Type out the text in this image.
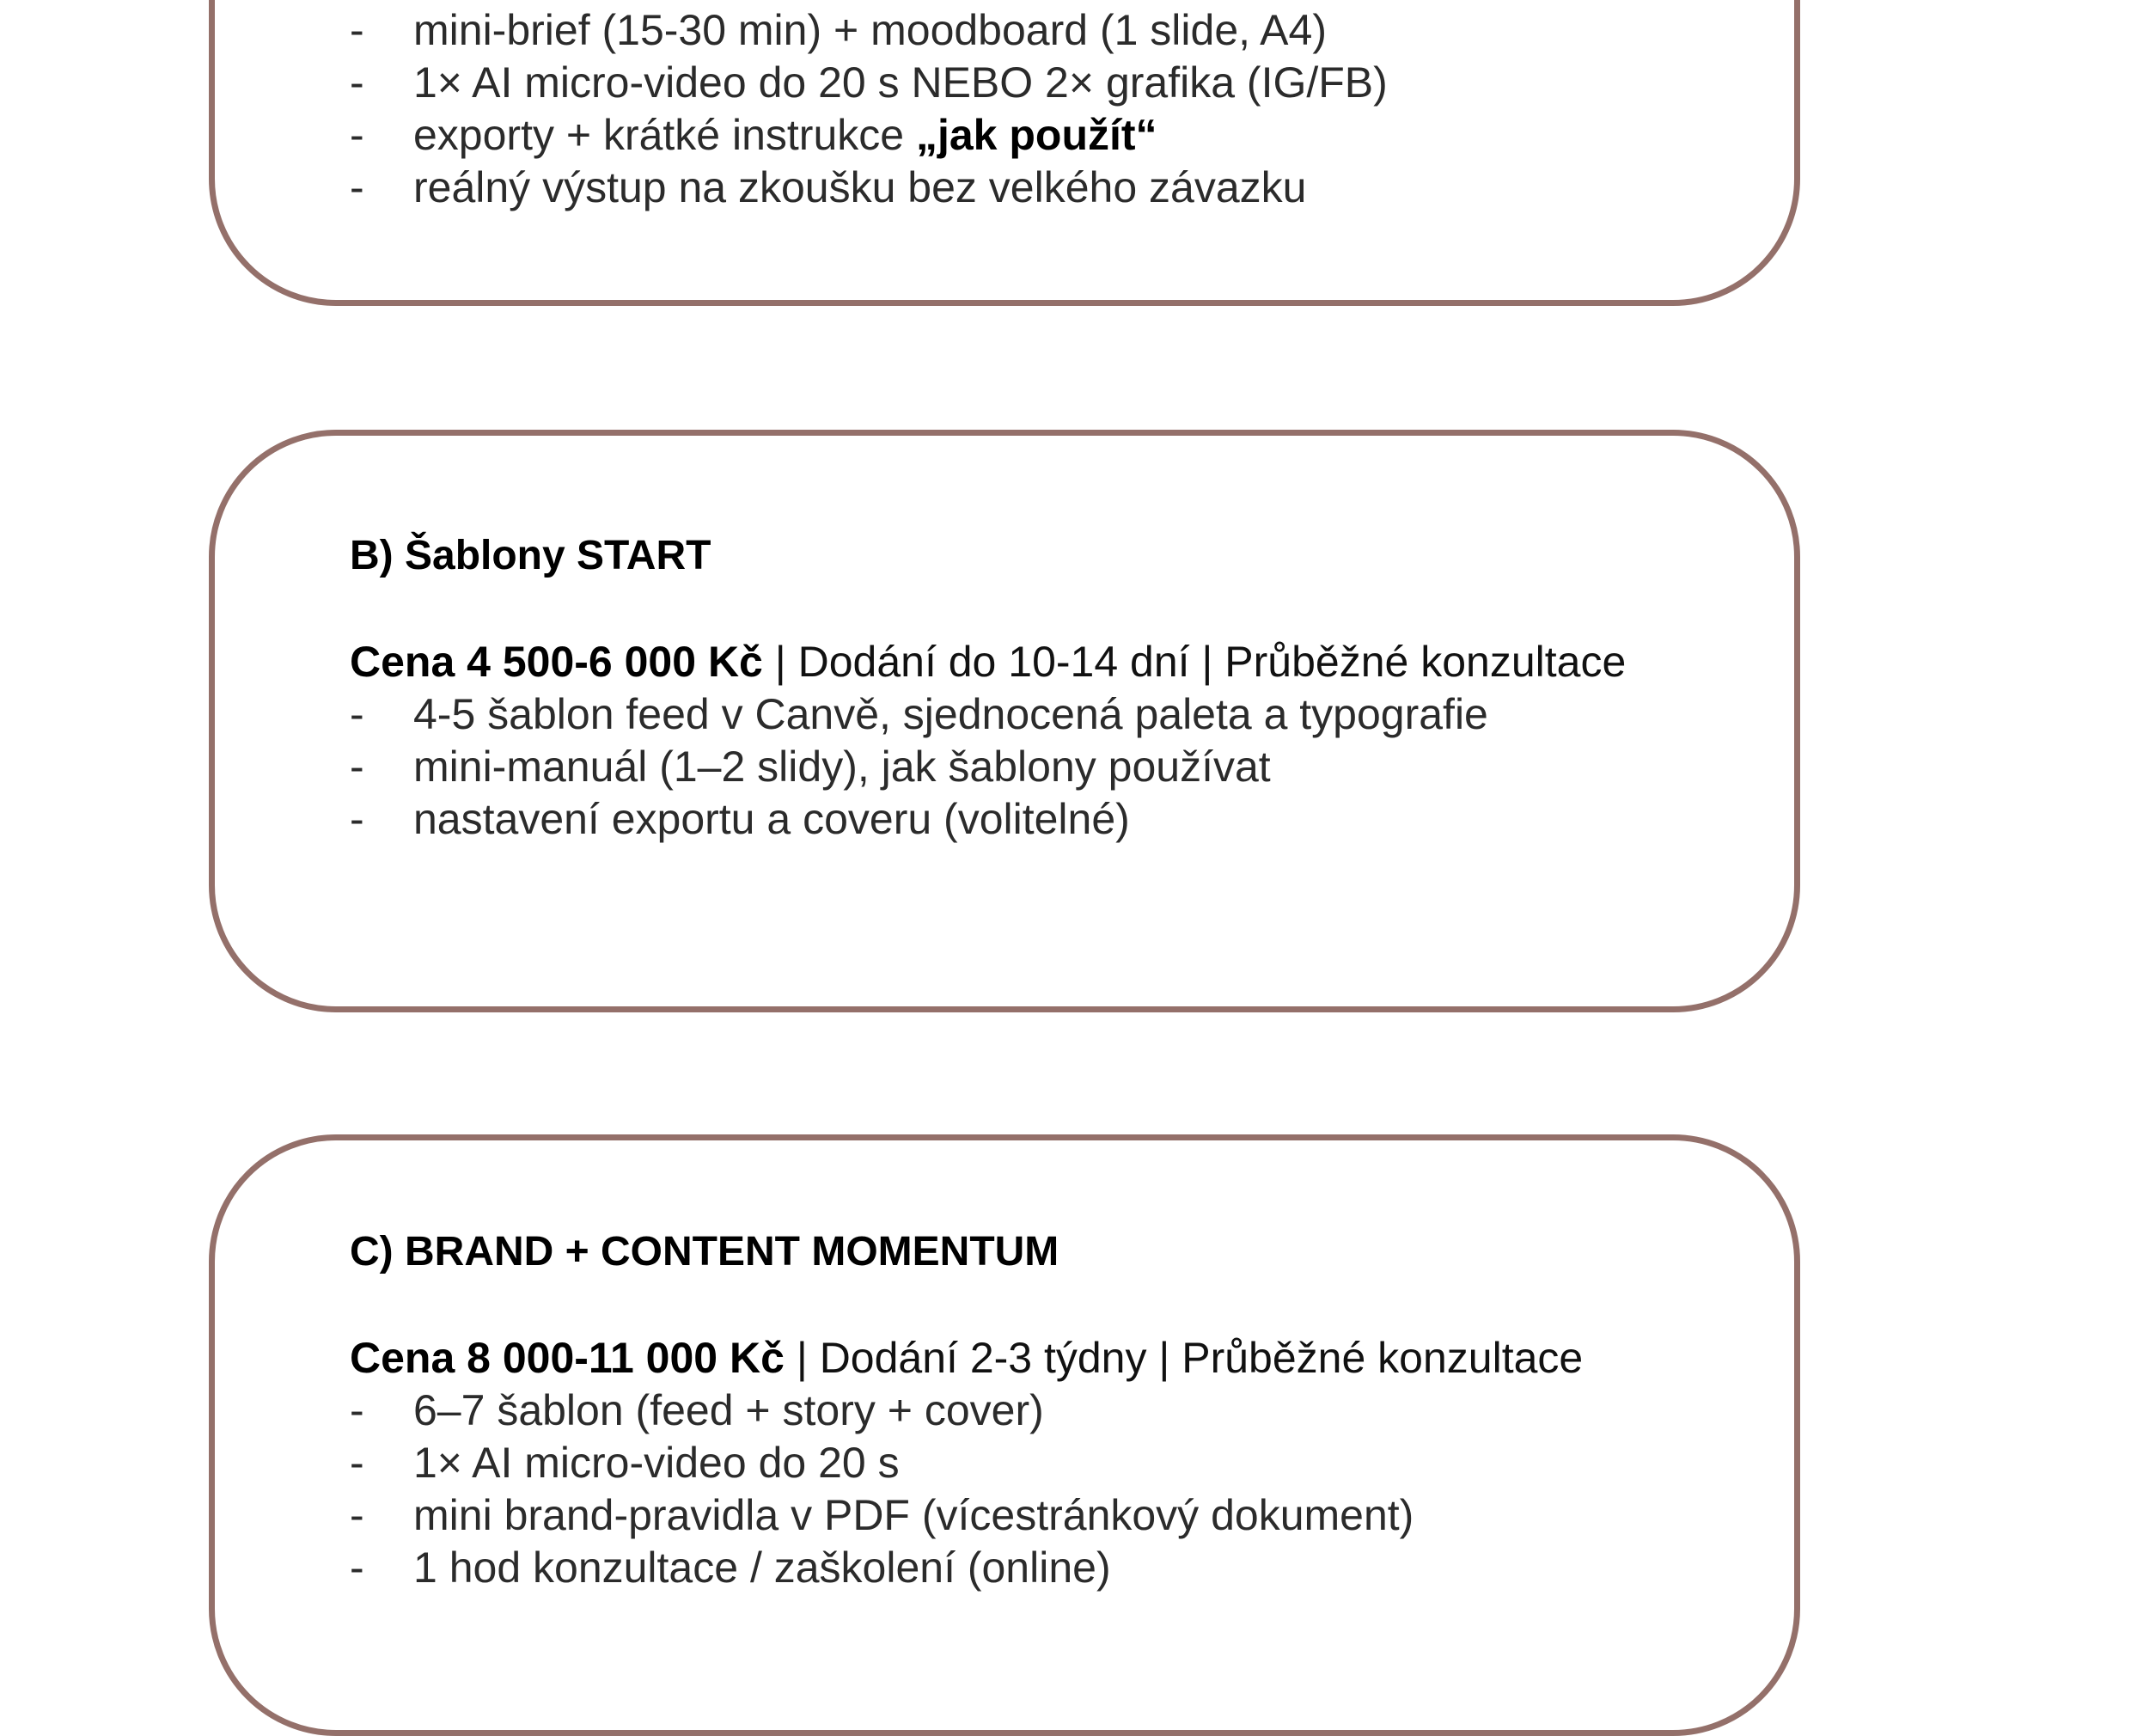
- mini-brief (15-30 min) + moodboard (1 slide, A4)
- 1× AI micro-video do 20 s NEBO 2× grafika (IG/FB)
- exporty + krátké instrukce „jak použít“
- reálný výstup na zkoušku bez velkého závazku
B) Šablony START
Cena 4 500-6 000 Kč | Dodání do 10-14 dní | Průběžné konzultace
- 4-5 šablon feed v Canvě, sjednocená paleta a typografie
- mini-manuál (1–2 slidy), jak šablony používat
- nastavení exportu a coveru (volitelné)
C) BRAND + CONTENT MOMENTUM
Cena 8 000-11 000 Kč | Dodání 2-3 týdny | Průběžné konzultace
- 6–7 šablon (feed + story + cover)
- 1× AI micro-video do 20 s
- mini brand-pravidla v PDF (vícestránkový dokument)
- 1 hod konzultace / zaškolení (online)
